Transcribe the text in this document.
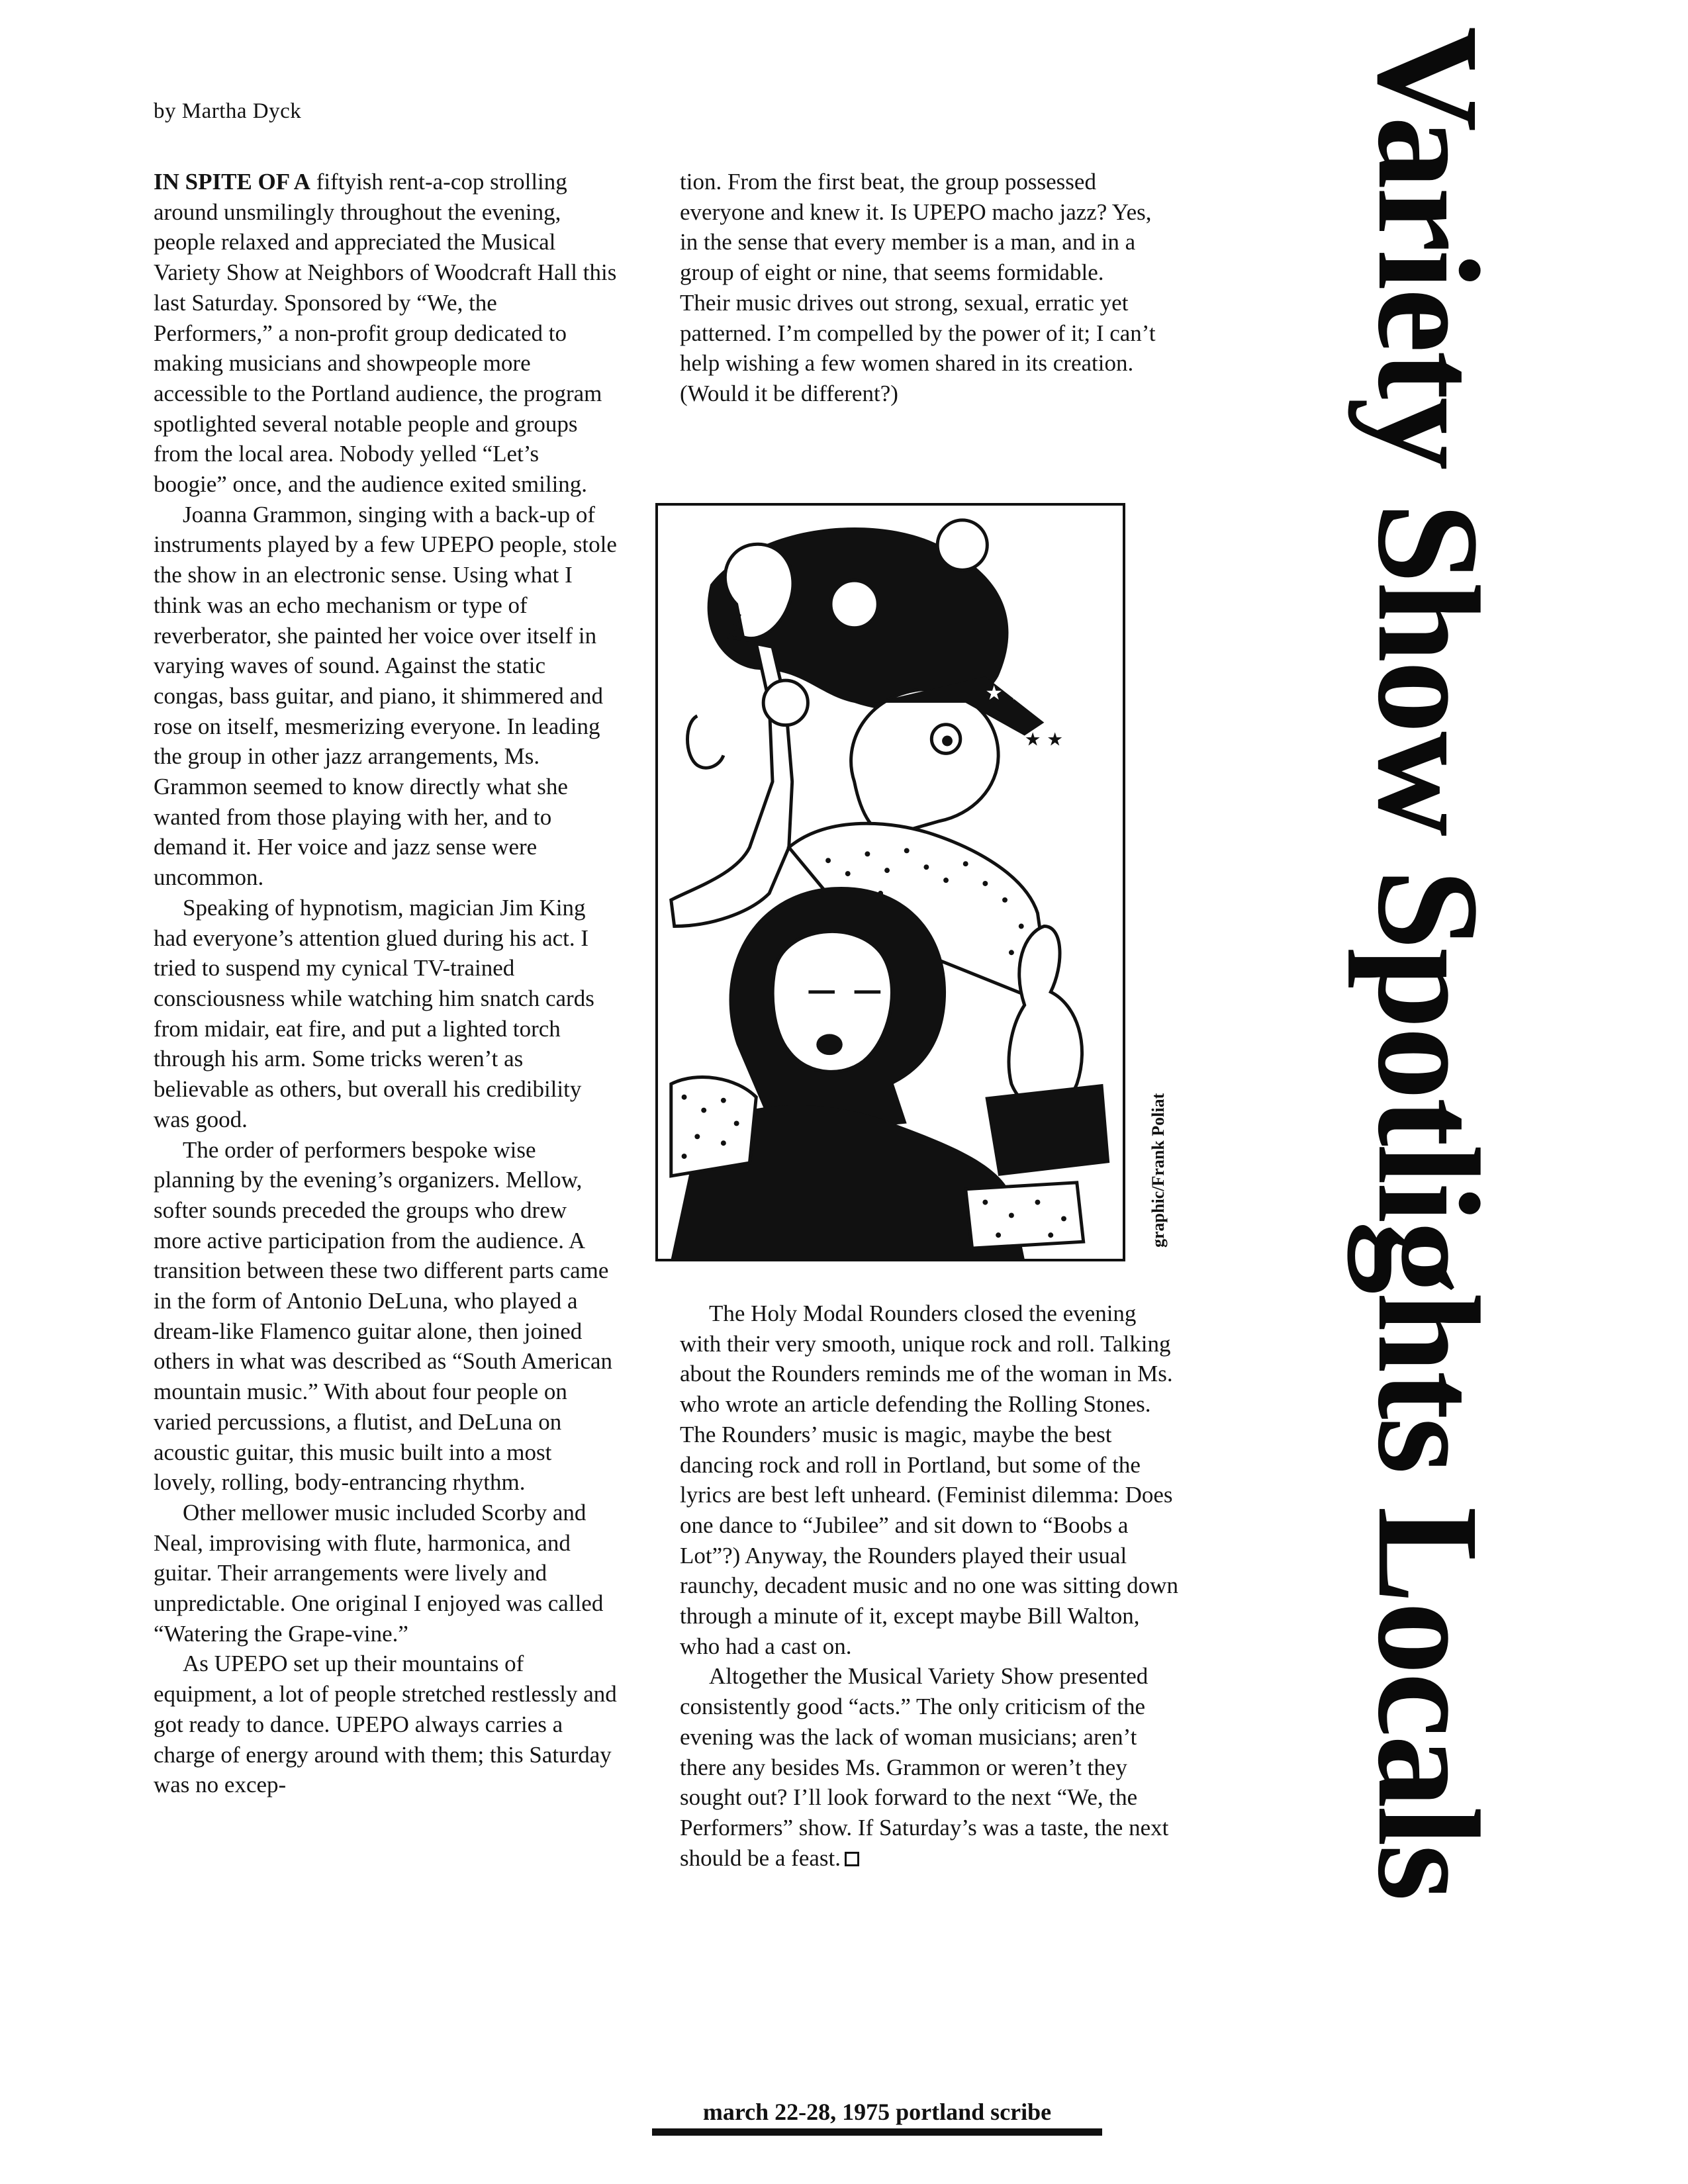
by Martha Dyck

IN SPITE OF A fiftyish rent-a-cop strolling around unsmilingly throughout the evening, people relaxed and appreciated the Musical Variety Show at Neighbors of Woodcraft Hall this last Saturday. Sponsored by “We, the Performers,” a non-profit group dedicated to making musicians and showpeople more accessible to the Portland audience, the program spotlighted several notable people and groups from the local area. Nobody yelled “Let’s boogie” once, and the audience exited smiling.

Joanna Grammon, singing with a back-up of instruments played by a few UPEPO people, stole the show in an electronic sense. Using what I think was an echo mechanism or type of reverberator, she painted her voice over itself in varying waves of sound. Against the static congas, bass guitar, and piano, it shimmered and rose on itself, mesmerizing everyone. In leading the group in other jazz arrangements, Ms. Grammon seemed to know directly what she wanted from those playing with her, and to demand it. Her voice and jazz sense were uncommon.

Speaking of hypnotism, magician Jim King had everyone’s attention glued during his act. I tried to suspend my cynical TV-trained consciousness while watching him snatch cards from midair, eat fire, and put a lighted torch through his arm. Some tricks weren’t as believable as others, but overall his credibility was good.

The order of performers bespoke wise planning by the evening’s organizers. Mellow, softer sounds preceded the groups who drew more active participation from the audience. A transition between these two different parts came in the form of Antonio DeLuna, who played a dream-like Flamenco guitar alone, then joined others in what was described as “South American mountain music.” With about four people on varied percussions, a flutist, and DeLuna on acoustic guitar, this music built into a most lovely, rolling, body-entrancing rhythm.

Other mellower music included Scorby and Neal, improvising with flute, harmonica, and guitar. Their arrangements were lively and unpredictable. One original I enjoyed was called “Watering the Grape-vine.”

As UPEPO set up their mountains of equipment, a lot of people stretched restlessly and got ready to dance. UPEPO always carries a charge of energy around with them; this Saturday was no excep-

tion. From the first beat, the group possessed everyone and knew it. Is UPEPO macho jazz? Yes, in the sense that every member is a man, and in a group of eight or nine, that seems formidable. Their music drives out strong, sexual, erratic yet patterned. I’m compelled by the power of it; I can’t help wishing a few women shared in its creation. (Would it be different?)

★ ★
★ ★
graphic/Frank Poliat

The Holy Modal Rounders closed the evening with their very smooth, unique rock and roll. Talking about the Rounders reminds me of the woman in Ms. who wrote an article defending the Rolling Stones. The Rounders’ music is magic, maybe the best dancing rock and roll in Portland, but some of the lyrics are best left unheard. (Feminist dilemma: Does one dance to “Jubilee” and sit down to “Boobs a Lot”?) Anyway, the Rounders played their usual raunchy, decadent music and no one was sitting down through a minute of it, except maybe Bill Walton, who had a cast on.

Altogether the Musical Variety Show presented consistently good “acts.” The only criticism of the evening was the lack of woman musicians; aren’t there any besides Ms. Grammon or weren’t they sought out? I’ll look forward to the next “We, the Performers” show. If Saturday’s was a taste, the next should be a feast.	Variety Show Spotlights Locals
march 22-28, 1975 portland scribe
